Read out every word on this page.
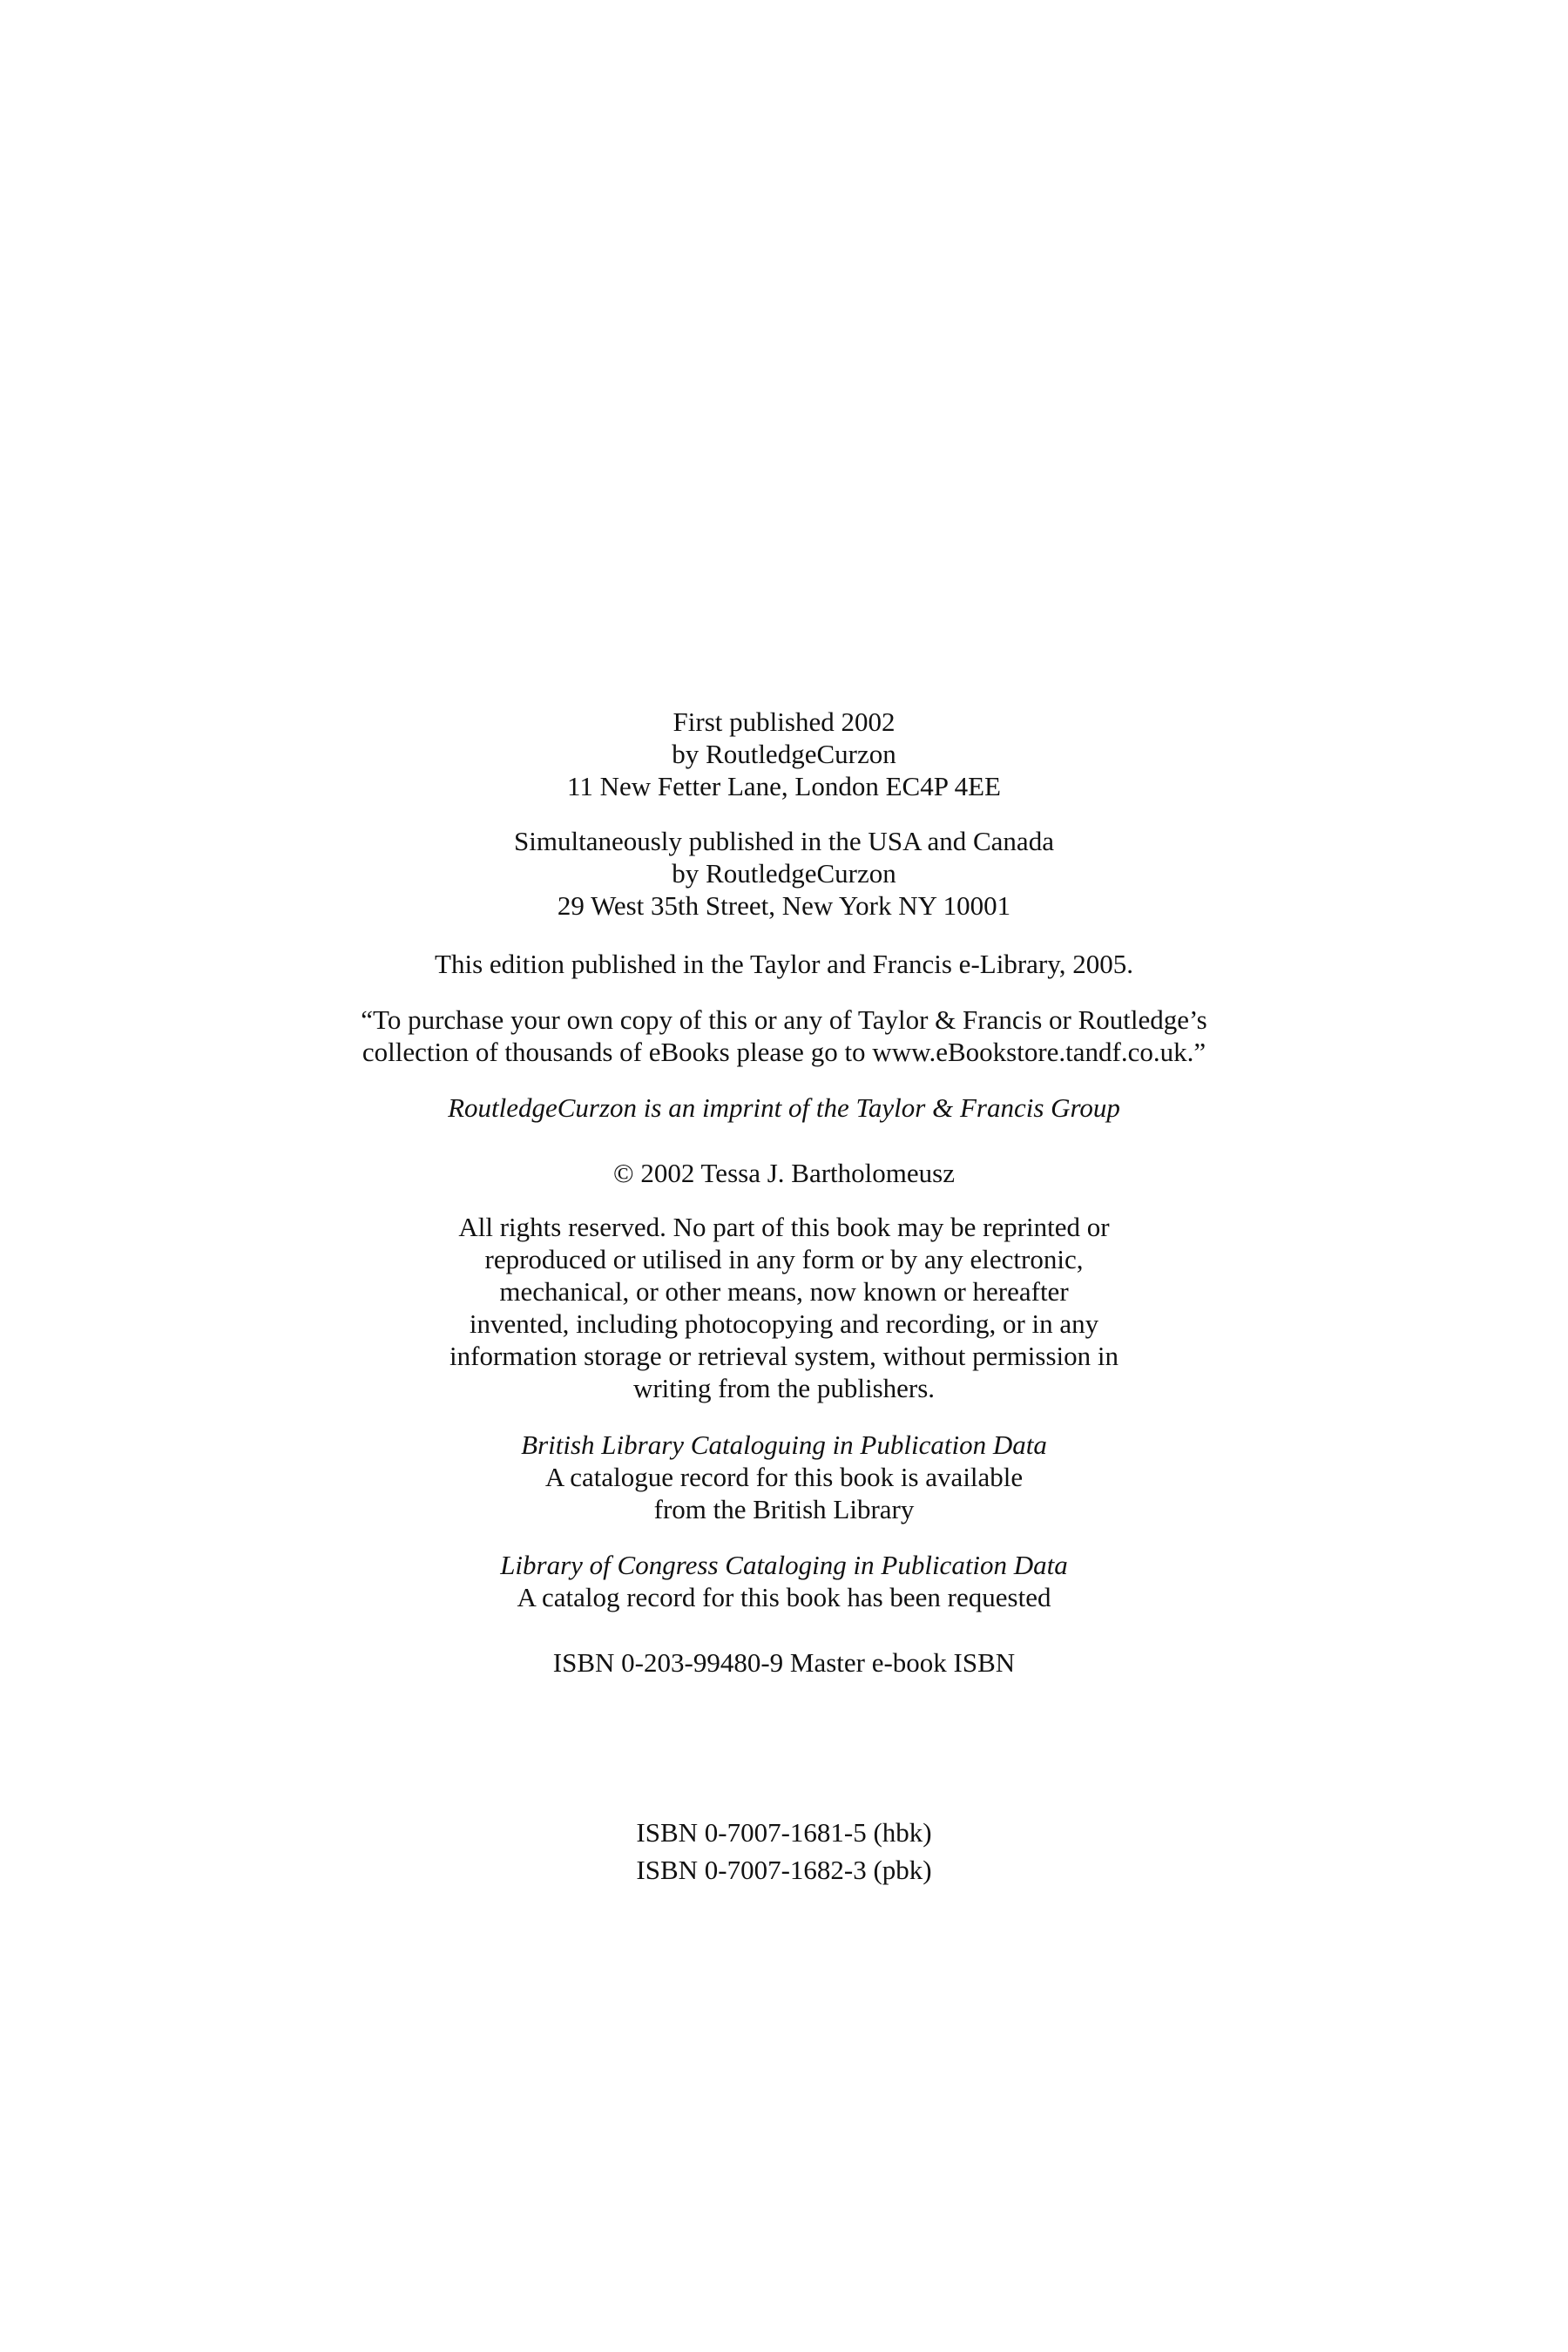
First published 2002
by RoutledgeCurzon
11 New Fetter Lane, London EC4P 4EE
Simultaneously published in the USA and Canada
by RoutledgeCurzon
29 West 35th Street, New York NY 10001
This edition published in the Taylor and Francis e-Library, 2005.
“To purchase your own copy of this or any of Taylor & Francis or Routledge’s
collection of thousands of eBooks please go to www.eBookstore.tandf.co.uk.”
RoutledgeCurzon is an imprint of the Taylor & Francis Group
© 2002 Tessa J. Bartholomeusz
All rights reserved. No part of this book may be reprinted or
reproduced or utilised in any form or by any electronic,
mechanical, or other means, now known or hereafter
invented, including photocopying and recording, or in any
information storage or retrieval system, without permission in
writing from the publishers.
British Library Cataloguing in Publication Data
A catalogue record for this book is available
from the British Library
Library of Congress Cataloging in Publication Data
A catalog record for this book has been requested
ISBN 0-203-99480-9 Master e-book ISBN
ISBN 0-7007-1681-5 (hbk)
ISBN 0-7007-1682-3 (pbk)
